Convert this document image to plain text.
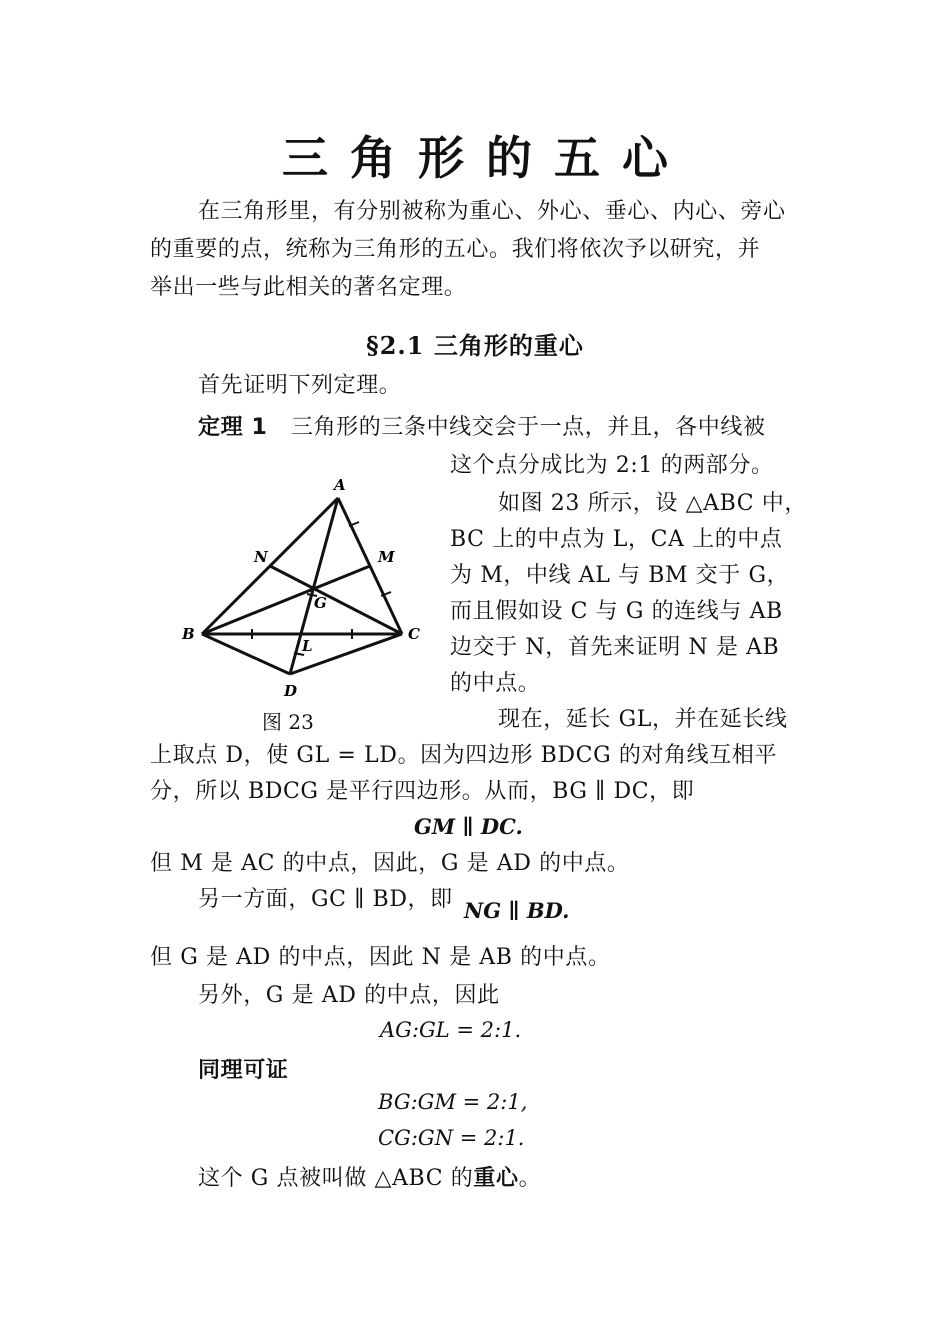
三角形的五心
在三角形里，有分别被称为重心、外心、垂心、内心、旁心
的重要的点，统称为三角形的五心。我们将依次予以研究，并
举出一些与此相关的著名定理。
§2.1 三角形的重心
首先证明下列定理。
定理 1 三角形的三条中线交会于一点，并且，各中线被
这个点分成比为 2:1 的两部分。
A
B	C
D
G
L
M
N
图 23
如图 23 所示，设 △ABC 中，
BC 上的中点为 L，CA 上的中点
为 M，中线 AL 与 BM 交于 G，
而且假如设 C 与 G 的连线与 AB
边交于 N，首先来证明 N 是 AB
的中点。
现在，延长 GL，并在延长线
上取点 D，使 GL = LD。因为四边形 BDCG 的对角线互相平
分，所以 BDCG 是平行四边形。从而，BG ∥ DC，即
GM ∥ DC.
但 M 是 AC 的中点，因此，G 是 AD 的中点。
另一方面，GC ∥ BD，即 NG ∥ BD.
但 G 是 AD 的中点，因此 N 是 AB 的中点。
另外，G 是 AD 的中点，因此
AG:GL = 2:1.
同理可证
BG:GM = 2:1,
CG:GN = 2:1.
这个 G 点被叫做 △ABC 的重心。
